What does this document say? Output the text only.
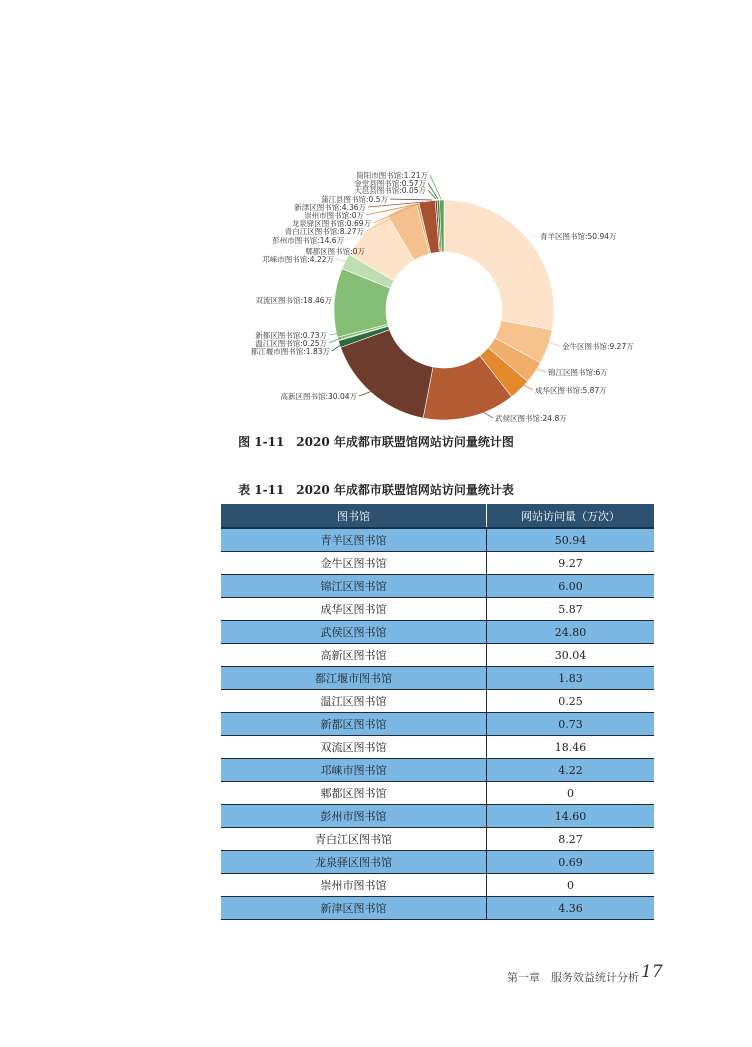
青羊区图书馆:50.94万
金牛区图书馆:9.27万
锦江区图书馆:6万
成华区图书馆:5.87万
武侯区图书馆:24.8万
高新区图书馆:30.04万
都江堰市图书馆:1.83万
温江区图书馆:0.25万
新都区图书馆:0.73万
双流区图书馆:18.46万
邛崃市图书馆:4.22万
郫都区图书馆:0万
彭州市图书馆:14.6万
青白江区图书馆:8.27万
龙泉驿区图书馆:0.69万
崇州市图书馆:0万
新津区图书馆:4.36万
蒲江县图书馆:0.5万
大邑县图书馆:0.05万
金堂县图书馆:0.57万
简阳市图书馆:1.21万
图 1-11　2020 年成都市联盟馆网站访问量统计图
表 1-11　2020 年成都市联盟馆网站访问量统计表
图书馆	网站访问量（万次）
青羊区图书馆	50.94
金牛区图书馆	9.27
锦江区图书馆	6.00
成华区图书馆	5.87
武侯区图书馆	24.80
高新区图书馆	30.04
都江堰市图书馆	1.83
温江区图书馆	0.25
新都区图书馆	0.73
双流区图书馆	18.46
邛崃市图书馆	4.22
郫都区图书馆	0
彭州市图书馆	14.60
青白江区图书馆	8.27
龙泉驿区图书馆	0.69
崇州市图书馆	0
新津区图书馆	4.36
第一章　服务效益统计分析 17
